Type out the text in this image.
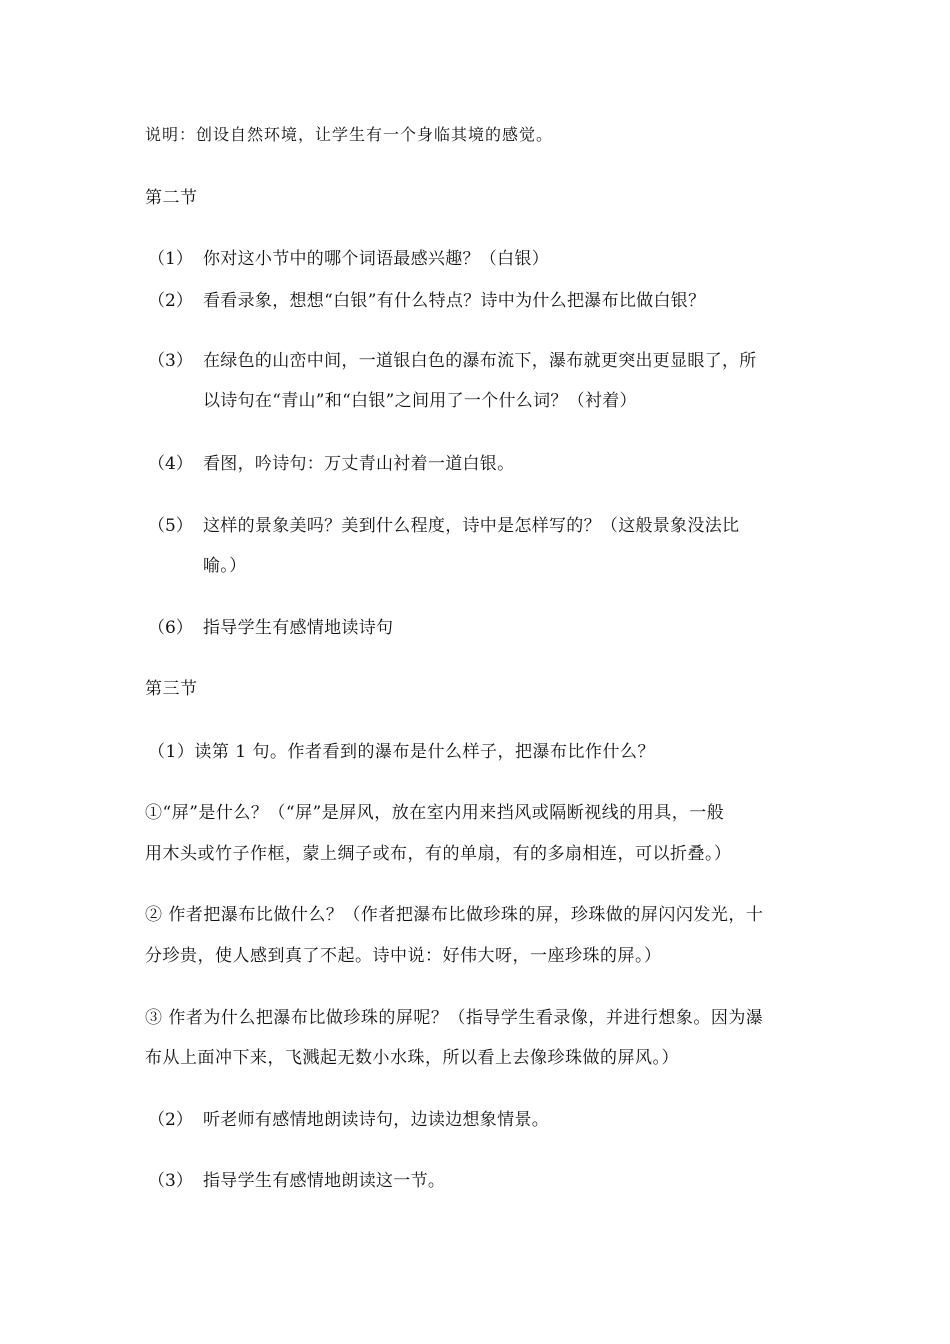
说明：创设自然环境，让学生有一个身临其境的感觉。
第二节
（1） 你对这小节中的哪个词语最感兴趣？（白银）
（2） 看看录象，想想“白银”有什么特点？诗中为什么把瀑布比做白银？
（3） 在绿色的山峦中间，一道银白色的瀑布流下，瀑布就更突出更显眼了，所
以诗句在“青山”和“白银”之间用了一个什么词？（衬着）
（4） 看图，吟诗句：万丈青山衬着一道白银。
（5） 这样的景象美吗？美到什么程度，诗中是怎样写的？（这般景象没法比
喻。）
（6） 指导学生有感情地读诗句
第三节
（1）读第 1 句。作者看到的瀑布是什么样子，把瀑布比作什么？
①“屏”是什么？（“屏”是屏风，放在室内用来挡风或隔断视线的用具，一般
用木头或竹子作框，蒙上绸子或布，有的单扇，有的多扇相连，可以折叠。）
② 作者把瀑布比做什么？（作者把瀑布比做珍珠的屏，珍珠做的屏闪闪发光，十
分珍贵，使人感到真了不起。诗中说：好伟大呀，一座珍珠的屏。）
③ 作者为什么把瀑布比做珍珠的屏呢？（指导学生看录像，并进行想象。因为瀑
布从上面冲下来，飞溅起无数小水珠，所以看上去像珍珠做的屏风。）
（2） 听老师有感情地朗读诗句，边读边想象情景。
（3） 指导学生有感情地朗读这一节。
